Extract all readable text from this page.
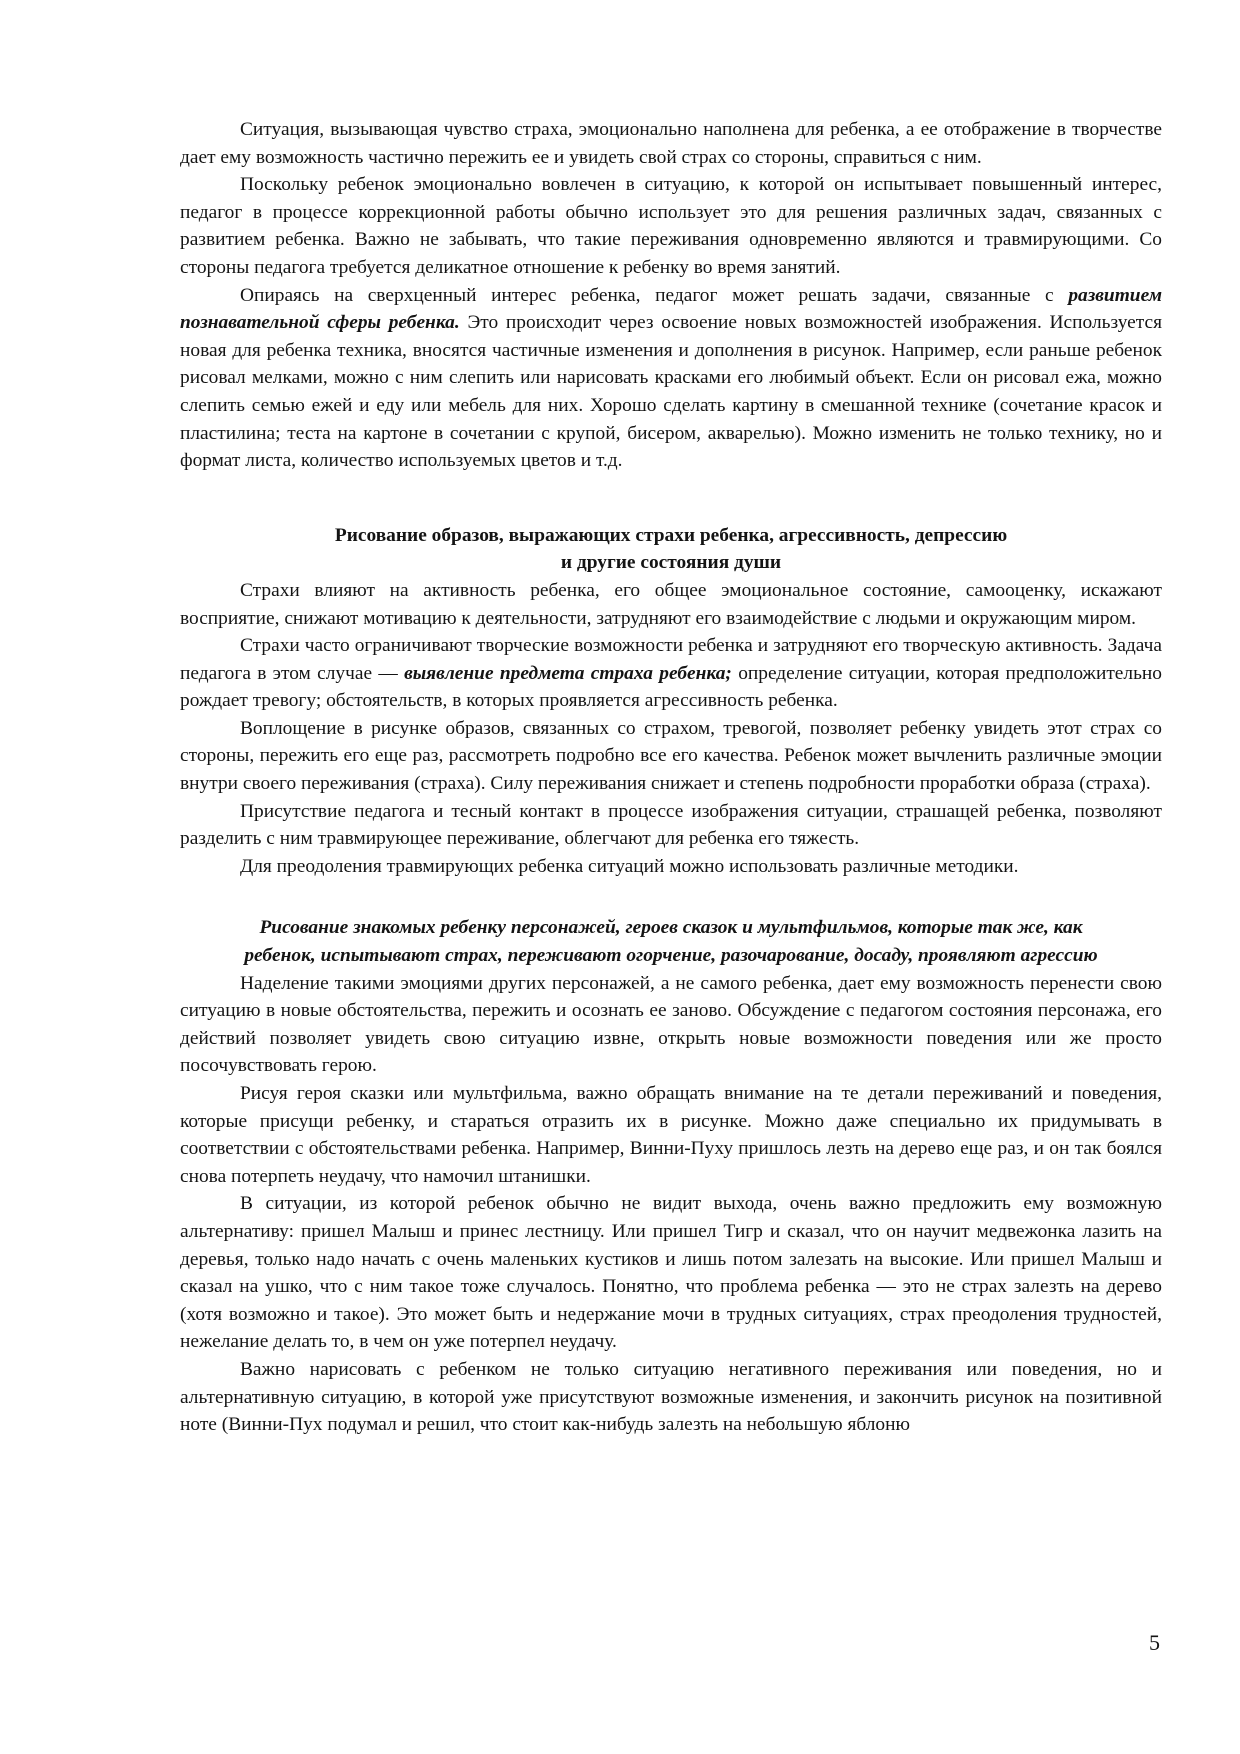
Ситуация, вызывающая чувство страха, эмоционально наполнена для ребенка, а ее отображение в творчестве дает ему возможность частично пережить ее и увидеть свой страх со стороны, справиться с ним.

Поскольку ребенок эмоционально вовлечен в ситуацию, к которой он испытывает повышенный интерес, педагог в процессе коррекционной работы обычно использует это для решения различных задач, связанных с развитием ребенка. Важно не забывать, что такие переживания одновременно являются и травмирующими. Со стороны педагога требуется деликатное отношение к ребенку во время занятий.

Опираясь на сверхценный интерес ребенка, педагог может решать задачи, связанные с развитием познавательной сферы ребенка. Это происходит через освоение новых возможностей изображения. Используется новая для ребенка техника, вносятся частичные изменения и дополнения в рисунок. Например, если раньше ребенок рисовал мелками, можно с ним слепить или нарисовать красками его любимый объект. Если он рисовал ежа, можно слепить семью ежей и еду или мебель для них. Хорошо сделать картину в смешанной технике (сочетание красок и пластилина; теста на картоне в сочетании с крупой, бисером, акварелью). Можно изменить не только технику, но и формат листа, количество используемых цветов и т.д.

Рисование образов, выражающих страхи ребенка, агрессивность, депрессию
и другие состояния души

Страхи влияют на активность ребенка, его общее эмоциональное состояние, самооценку, искажают восприятие, снижают мотивацию к деятельности, затрудняют его взаимодействие с людьми и окружающим миром.

Страхи часто ограничивают творческие возможности ребенка и затрудняют его творческую активность. Задача педагога в этом случае — выявление предмета страха ребенка; определение ситуации, которая предположительно рождает тревогу; обстоятельств, в которых проявляется агрессивность ребенка.

Воплощение в рисунке образов, связанных со страхом, тревогой, позволяет ребенку увидеть этот страх со стороны, пережить его еще раз, рассмотреть подробно все его качества. Ребенок может вычленить различные эмоции внутри своего переживания (страха). Силу переживания снижает и степень подробности проработки образа (страха).

Присутствие педагога и тесный контакт в процессе изображения ситуации, страшащей ребенка, позволяют разделить с ним травмирующее переживание, облегчают для ребенка его тяжесть.

Для преодоления травмирующих ребенка ситуаций можно использовать различные методики.

Рисование знакомых ребенку персонажей, героев сказок и мультфильмов, которые так же, как
ребенок, испытывают страх, переживают огорчение, разочарование, досаду, проявляют агрессию

Наделение такими эмоциями других персонажей, а не самого ребенка, дает ему возможность перенести свою ситуацию в новые обстоятельства, пережить и осознать ее заново. Обсуждение с педагогом состояния персонажа, его действий позволяет увидеть свою ситуацию извне, открыть новые возможности поведения или же просто посочувствовать герою.

Рисуя героя сказки или мультфильма, важно обращать внимание на те детали переживаний и поведения, которые присущи ребенку, и стараться отразить их в рисунке. Можно даже специально их придумывать в соответствии с обстоятельствами ребенка. Например, Винни-Пуху пришлось лезть на дерево еще раз, и он так боялся снова потерпеть неудачу, что намочил штанишки.

В ситуации, из которой ребенок обычно не видит выхода, очень важно предложить ему возможную альтернативу: пришел Малыш и принес лестницу. Или пришел Тигр и сказал, что он научит медвежонка лазить на деревья, только надо начать с очень маленьких кустиков и лишь потом залезать на высокие. Или пришел Малыш и сказал на ушко, что с ним такое тоже случалось. Понятно, что проблема ребенка — это не страх залезть на дерево (хотя возможно и такое). Это может быть и недержание мочи в трудных ситуациях, страх преодоления трудностей, нежелание делать то, в чем он уже потерпел неудачу.

Важно нарисовать с ребенком не только ситуацию негативного переживания или поведения, но и альтернативную ситуацию, в которой уже присутствуют возможные изменения, и закончить рисунок на позитивной ноте (Винни-Пух подумал и решил, что стоит как-нибудь залезть на небольшую яблоню

5
